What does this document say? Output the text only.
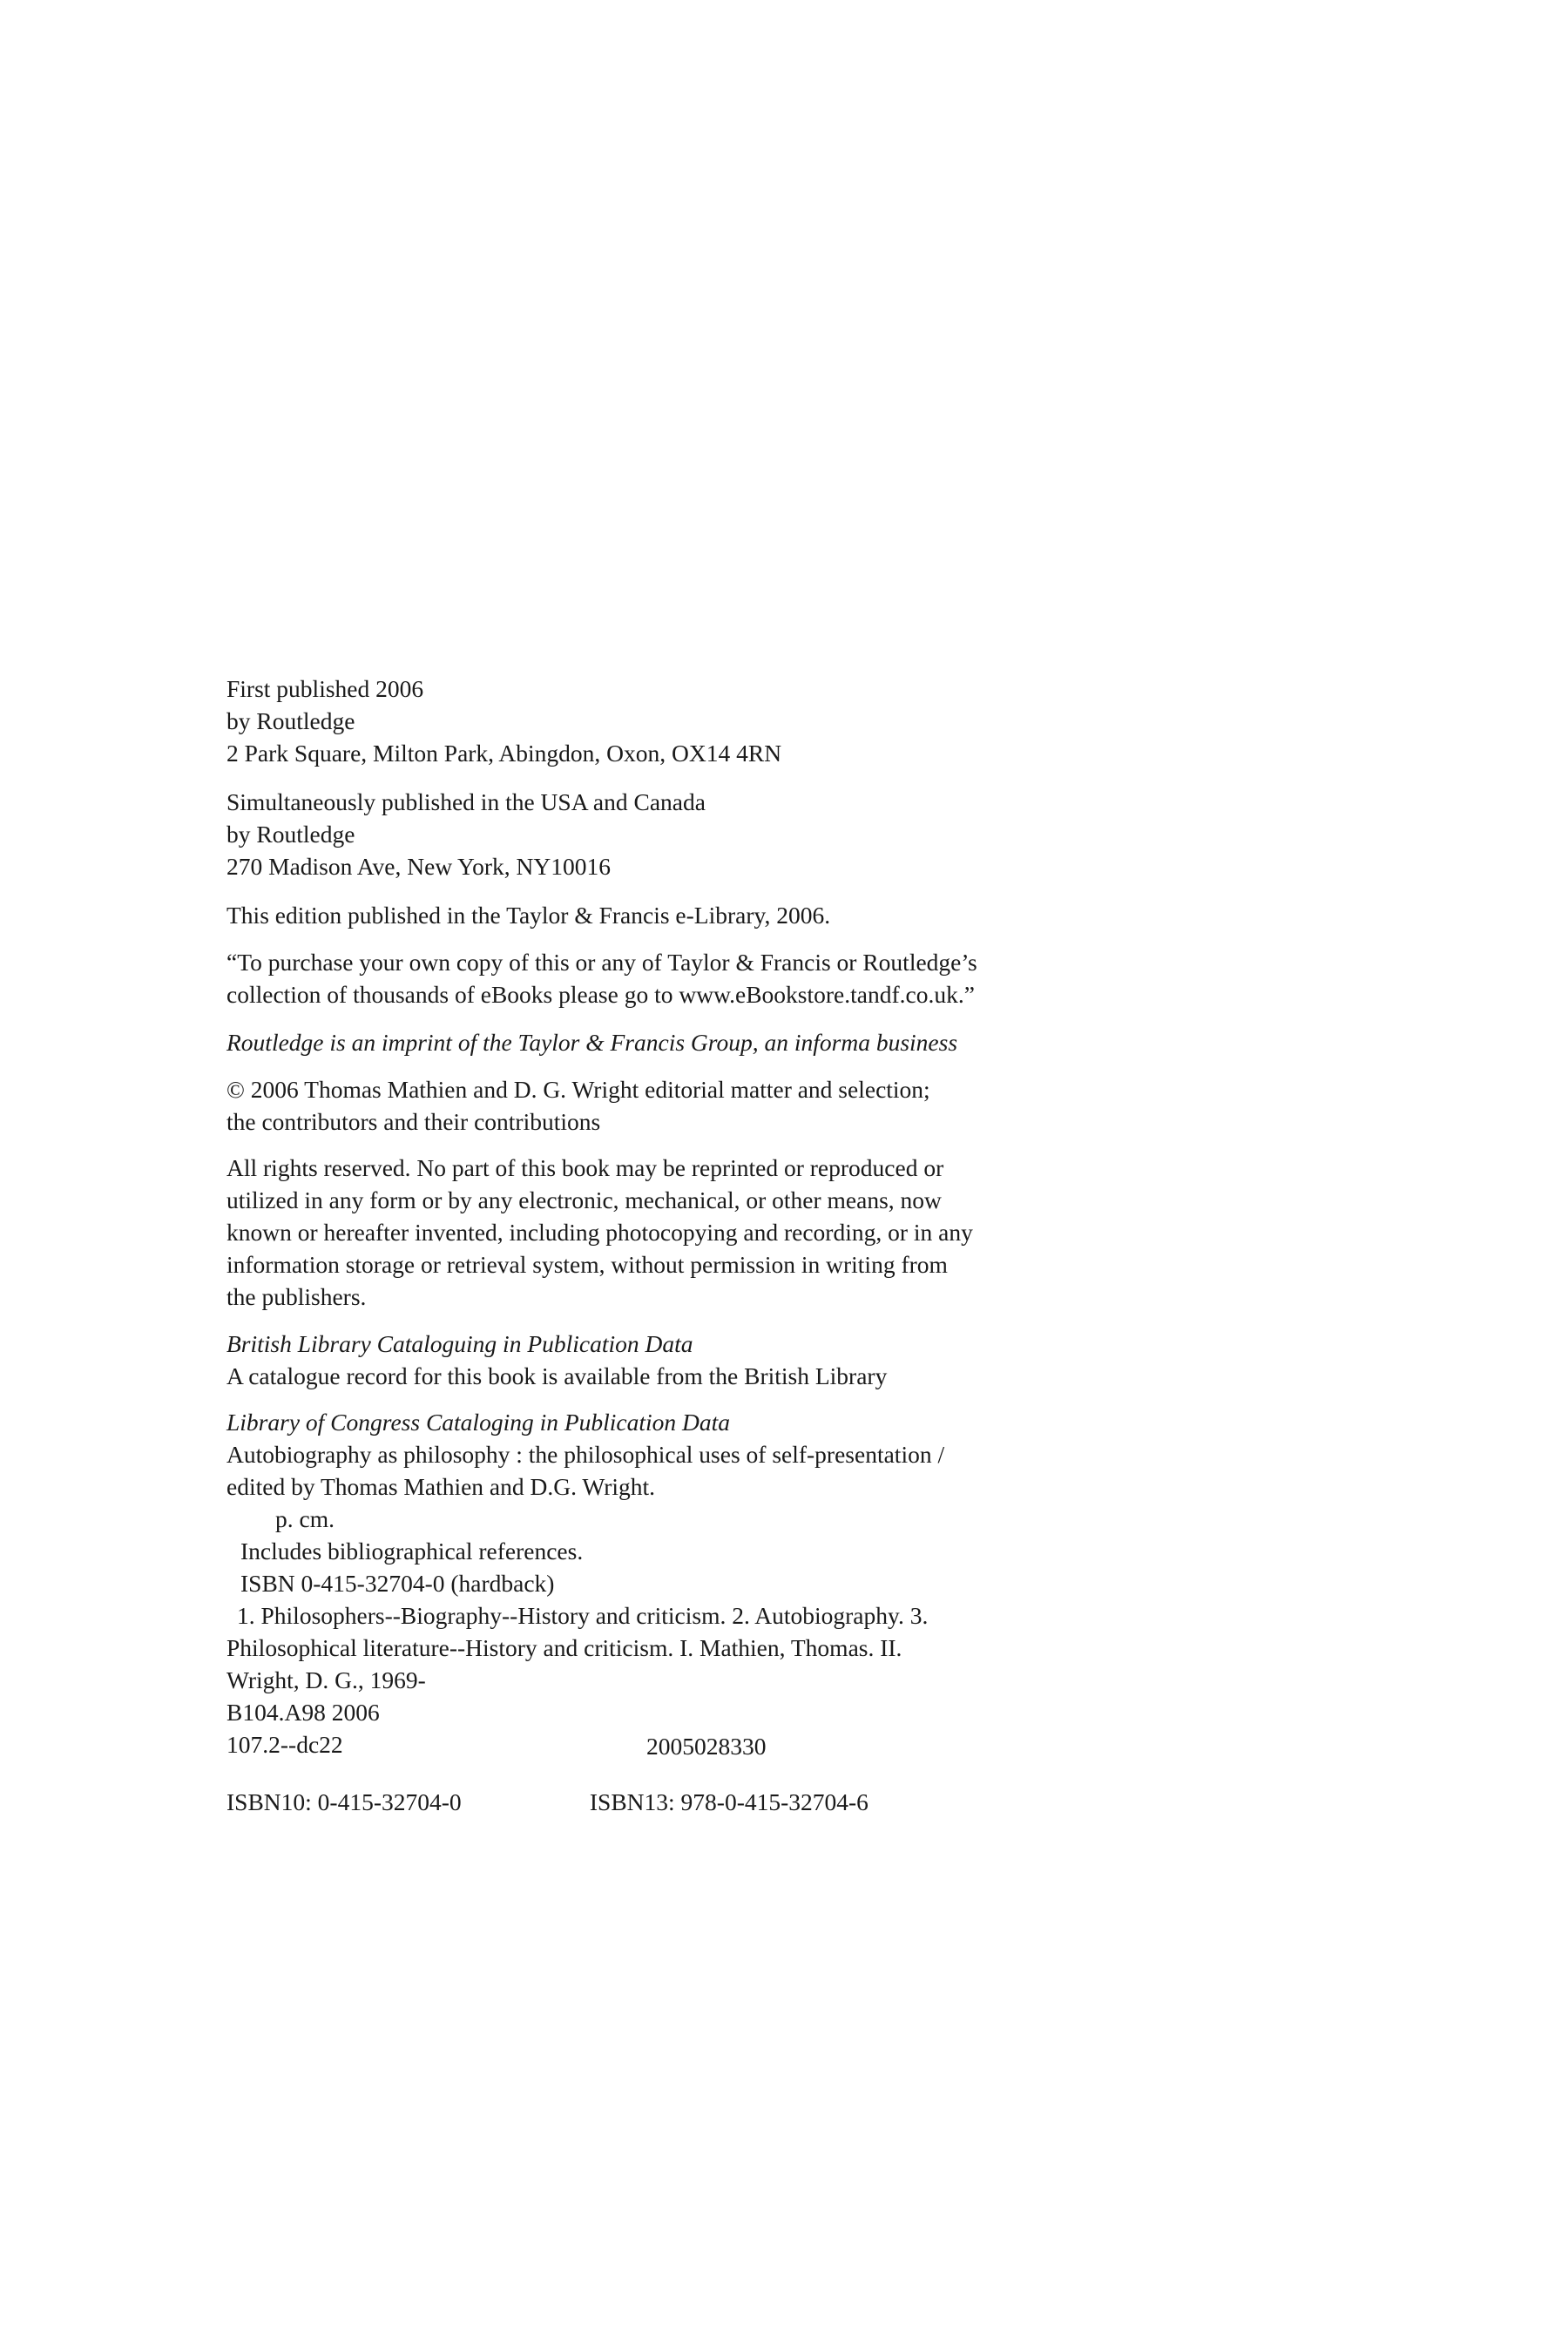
First published 2006
by Routledge
2 Park Square, Milton Park, Abingdon, Oxon, OX14 4RN

Simultaneously published in the USA and Canada
by Routledge
270 Madison Ave, New York, NY10016

This edition published in the Taylor & Francis e-Library, 2006.

“To purchase your own copy of this or any of Taylor & Francis or Routledge’s
collection of thousands of eBooks please go to www.eBookstore.tandf.co.uk.”

Routledge is an imprint of the Taylor & Francis Group, an informa business

© 2006 Thomas Mathien and D. G. Wright editorial matter and selection;
the contributors and their contributions

All rights reserved. No part of this book may be reprinted or reproduced or
utilized in any form or by any electronic, mechanical, or other means, now
known or hereafter invented, including photocopying and recording, or in any
information storage or retrieval system, without permission in writing from
the publishers.

British Library Cataloguing in Publication Data
A catalogue record for this book is available from the British Library

Library of Congress Cataloging in Publication Data
Autobiography as philosophy : the philosophical uses of self-presentation /
edited by Thomas Mathien and D.G. Wright.
p. cm.
Includes bibliographical references.
ISBN 0-415-32704-0 (hardback)
1. Philosophers--Biography--History and criticism. 2. Autobiography. 3.
Philosophical literature--History and criticism. I. Mathien, Thomas. II.
Wright, D. G., 1969-
B104.A98 2006
107.2--dc22	2005028330
ISBN10: 0-415-32704-0	ISBN13: 978-0-415-32704-6
